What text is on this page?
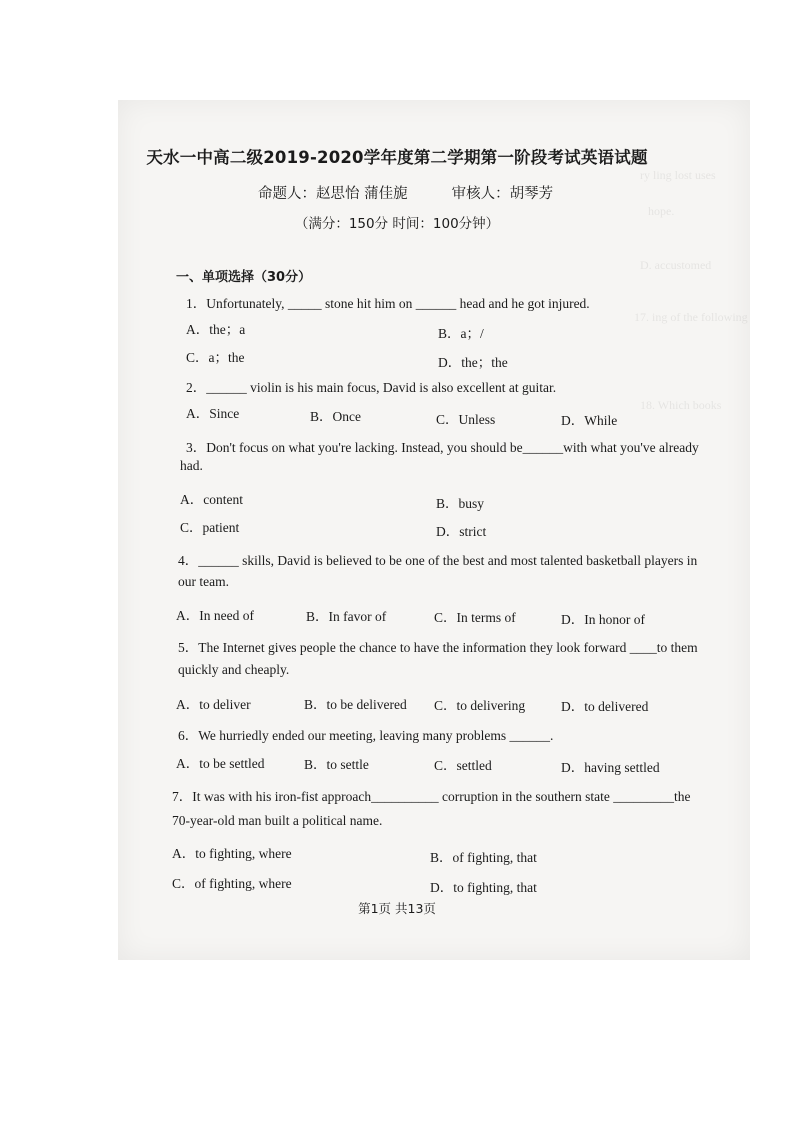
ry ling lost uses
hope.
D. accustomed
17. ing of the following
18. Which books
天水一中高二级2019-2020学年度第二学期第一阶段考试英语试题
命题人：赵思怡 蒲佳旎	审核人：胡琴芳
（满分：150分 时间：100分钟）
一、单项选择（30分）
1．Unfortunately, _____ stone hit him on ______ head and he got injured.
A．the；a	B．a；/
C．a；the	D．the；the
2．______ violin is his main focus, David is also excellent at guitar.
A．Since	B．Once	C．Unless	D．While
3．Don't focus on what you're lacking. Instead, you should be______with what you've already
had.
A．content	B．busy
C．patient	D．strict
4．______ skills, David is believed to be one of the best and most talented basketball players in
our team.
A．In need of	B．In favor of	C．In terms of	D．In honor of
5．The Internet gives people the chance to have the information they look forward ____to them
quickly and cheaply.
A．to deliver	B．to be delivered C．to delivering	D．to delivered
6．We hurriedly ended our meeting, leaving many problems ______.
A．to be settled	B．to settle	C．settled	D．having settled
7．It was with his iron-fist approach__________ corruption in the southern state _________the
70-year-old man built a political name.
A．to fighting, where	B．of fighting, that
C．of fighting, where	D．to fighting, that
第1页 共13页
